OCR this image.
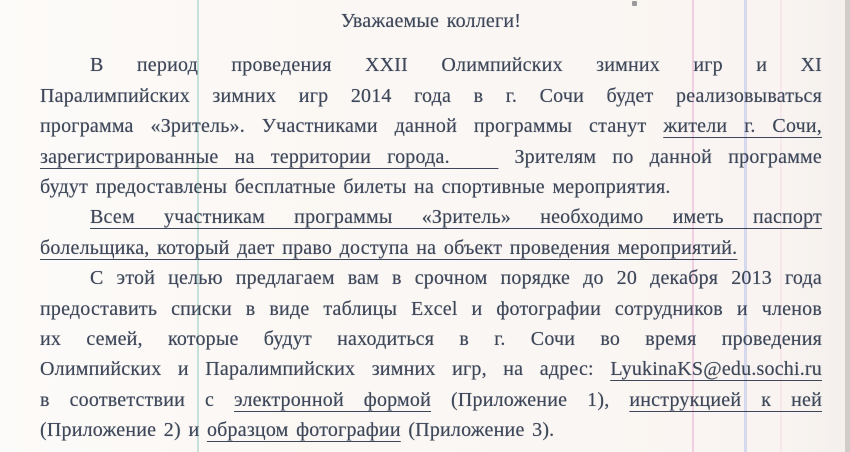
Уважаемые коллеги!
В период проведения XXII Олимпийских зимних игр и XI
Паралимпийских зимних игр 2014 года в г. Сочи будет реализовываться
программа «Зритель». Участниками данной программы станут жители г. Сочи,
зарегистрированные на территории города.    Зрителям по данной программе
будут предоставлены бесплатные билеты на спортивные мероприятия.
Всем участникам программы «Зритель» необходимо иметь паспорт
болельщика, который дает право доступа на объект проведения мероприятий.
С этой целью предлагаем вам в срочном порядке до 20 декабря 2013 года
предоставить списки в виде таблицы Excel и фотографии сотрудников и членов
их семей, которые будут находиться в г. Сочи во время проведения
Олимпийских и Паралимпийских зимних игр, на адрес: LyukinaKS@edu.sochi.ru
в соответствии с электронной формой (Приложение 1), инструкцией к ней
(Приложение 2) и образцом фотографии (Приложение 3).
